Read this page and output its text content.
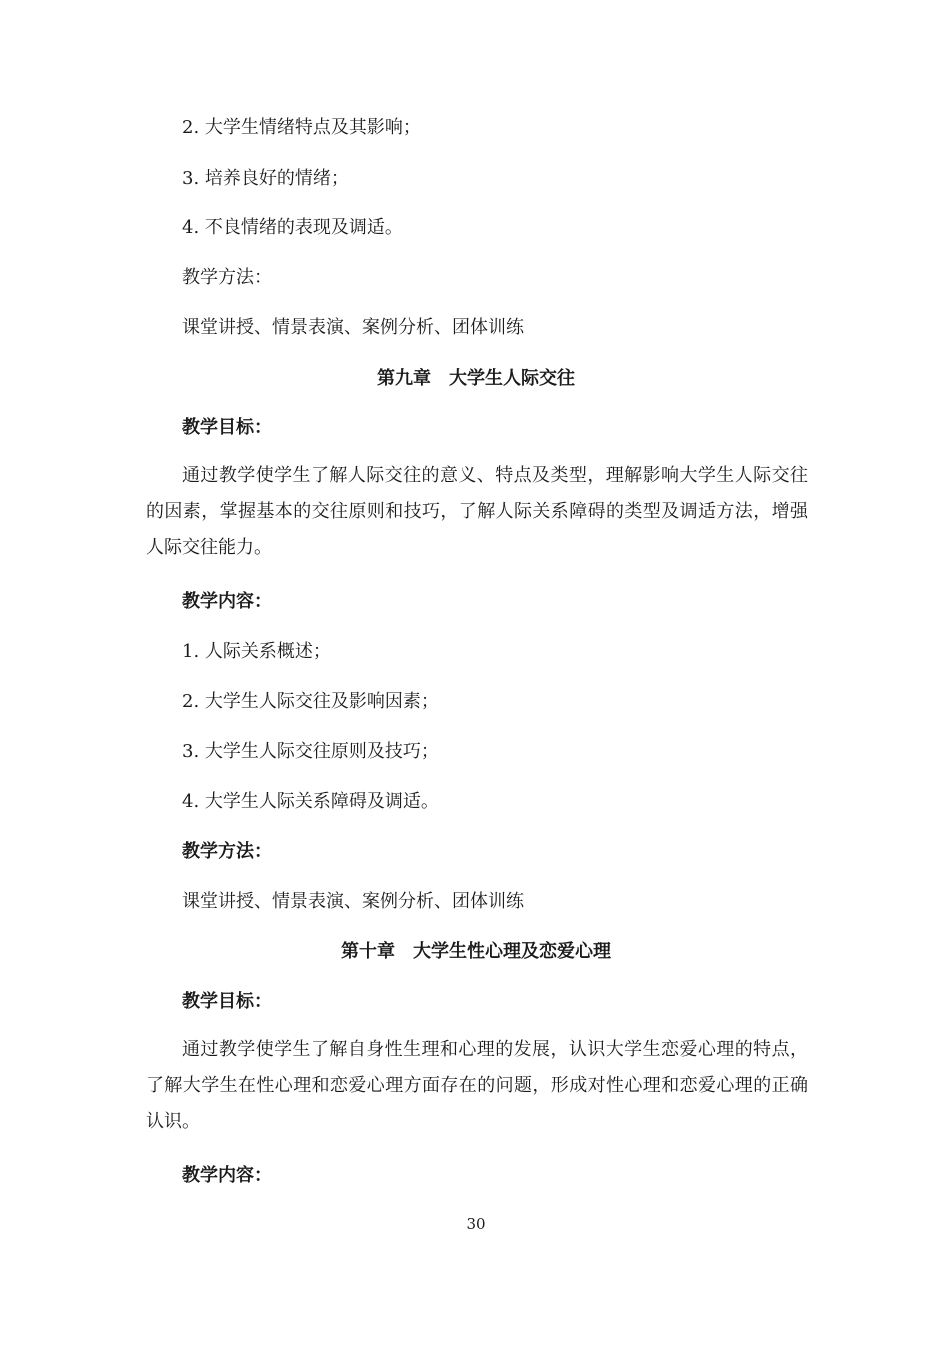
2. 大学生情绪特点及其影响；
3. 培养良好的情绪；
4. 不良情绪的表现及调适。
教学方法：
课堂讲授、情景表演、案例分析、团体训练
第九章　大学生人际交往
教学目标：
通过教学使学生了解人际交往的意义、特点及类型，理解影响大学生人际交往的因素，掌握基本的交往原则和技巧，了解人际关系障碍的类型及调适方法，增强人际交往能力。
教学内容：
1. 人际关系概述；
2. 大学生人际交往及影响因素；
3. 大学生人际交往原则及技巧；
4. 大学生人际关系障碍及调适。
教学方法：
课堂讲授、情景表演、案例分析、团体训练
第十章　大学生性心理及恋爱心理
教学目标：
通过教学使学生了解自身性生理和心理的发展，认识大学生恋爱心理的特点，了解大学生在性心理和恋爱心理方面存在的问题，形成对性心理和恋爱心理的正确认识。
教学内容：
30
